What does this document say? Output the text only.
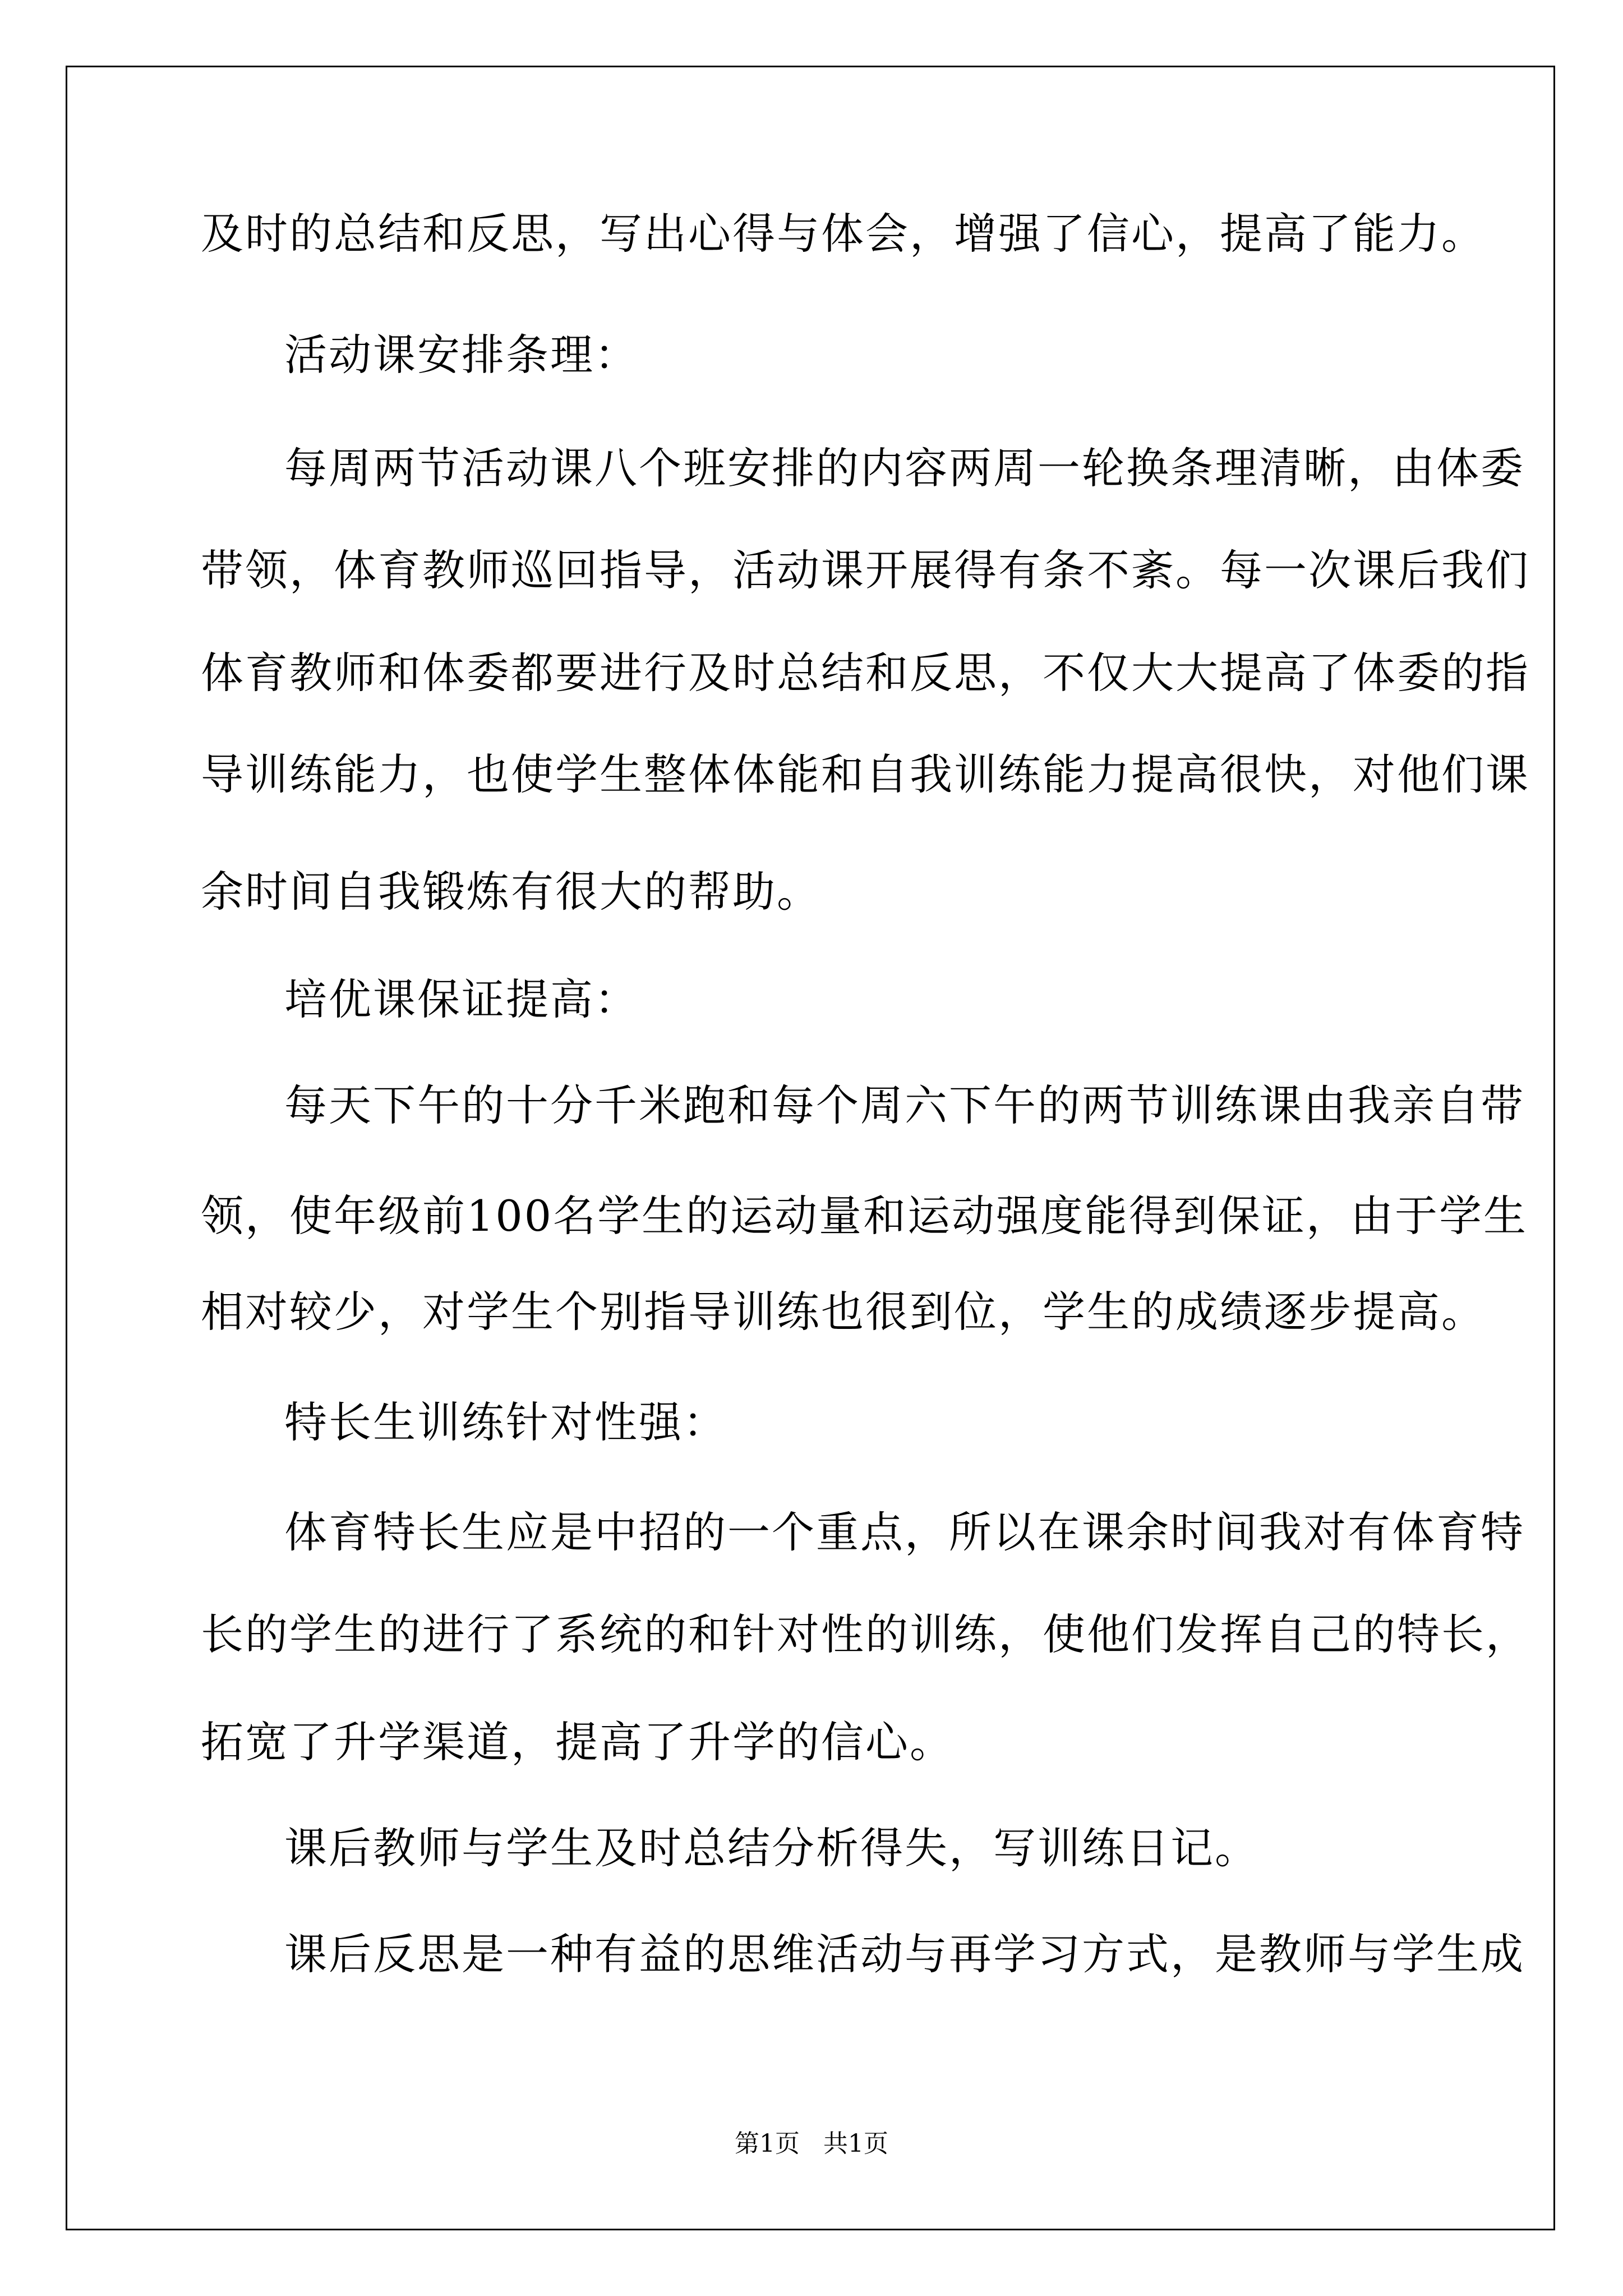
及时的总结和反思，写出心得与体会，增强了信心，提高了能力。
活动课安排条理：
每周两节活动课八个班安排的内容两周一轮换条理清晰，由体委
带领，体育教师巡回指导，活动课开展得有条不紊。每一次课后我们
体育教师和体委都要进行及时总结和反思，不仅大大提高了体委的指
导训练能力，也使学生整体体能和自我训练能力提高很快，对他们课
余时间自我锻炼有很大的帮助。
培优课保证提高：
每天下午的十分千米跑和每个周六下午的两节训练课由我亲自带
领，使年级前100名学生的运动量和运动强度能得到保证，由于学生
相对较少，对学生个别指导训练也很到位，学生的成绩逐步提高。
特长生训练针对性强：
体育特长生应是中招的一个重点，所以在课余时间我对有体育特
长的学生的进行了系统的和针对性的训练，使他们发挥自己的特长，
拓宽了升学渠道，提高了升学的信心。
课后教师与学生及时总结分析得失，写训练日记。
课后反思是一种有益的思维活动与再学习方式，是教师与学生成
第1页   共1页
